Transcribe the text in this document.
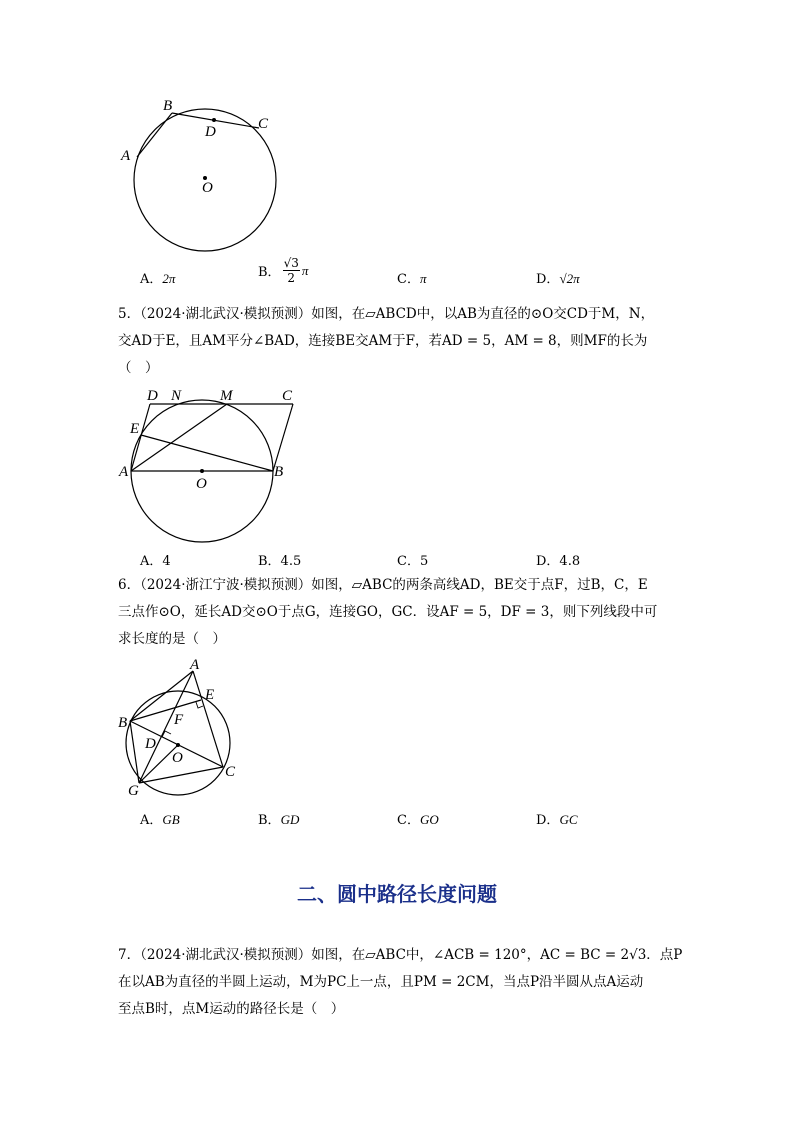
B
C
D
A
O
A．2π	B．
√3
2
π
C．π	D．√2π
5．（2024·湖北武汉·模拟预测）如图，在▱ABCD中，以AB为直径的⊙O交CD于M，N，
交AD于E，且AM平分∠BAD，连接BE交AM于F，若AD = 5，AM = 8，则MF的长为
（　）
D N	M	C
E
A	B
O
A．4	B．4.5	C．5	D．4.8
6．（2024·浙江宁波·模拟预测）如图，▱ABC的两条高线AD，BE交于点F，过B，C，E
三点作⊙O，延长AD交⊙O于点G，连接GO，GC．设AF = 5，DF = 3，则下列线段中可
求长度的是（　）
A
E
B	F
D
O
C
G
A．GB	B．GD	C．GO	D．GC
二、圆中路径长度问题
7．（2024·湖北武汉·模拟预测）如图，在▱ABC中，∠ACB = 120°，AC = BC = 2√3．点P
在以AB为直径的半圆上运动，M为PC上一点，且PM = 2CM，当点P沿半圆从点A运动
至点B时，点M运动的路径长是（　）
